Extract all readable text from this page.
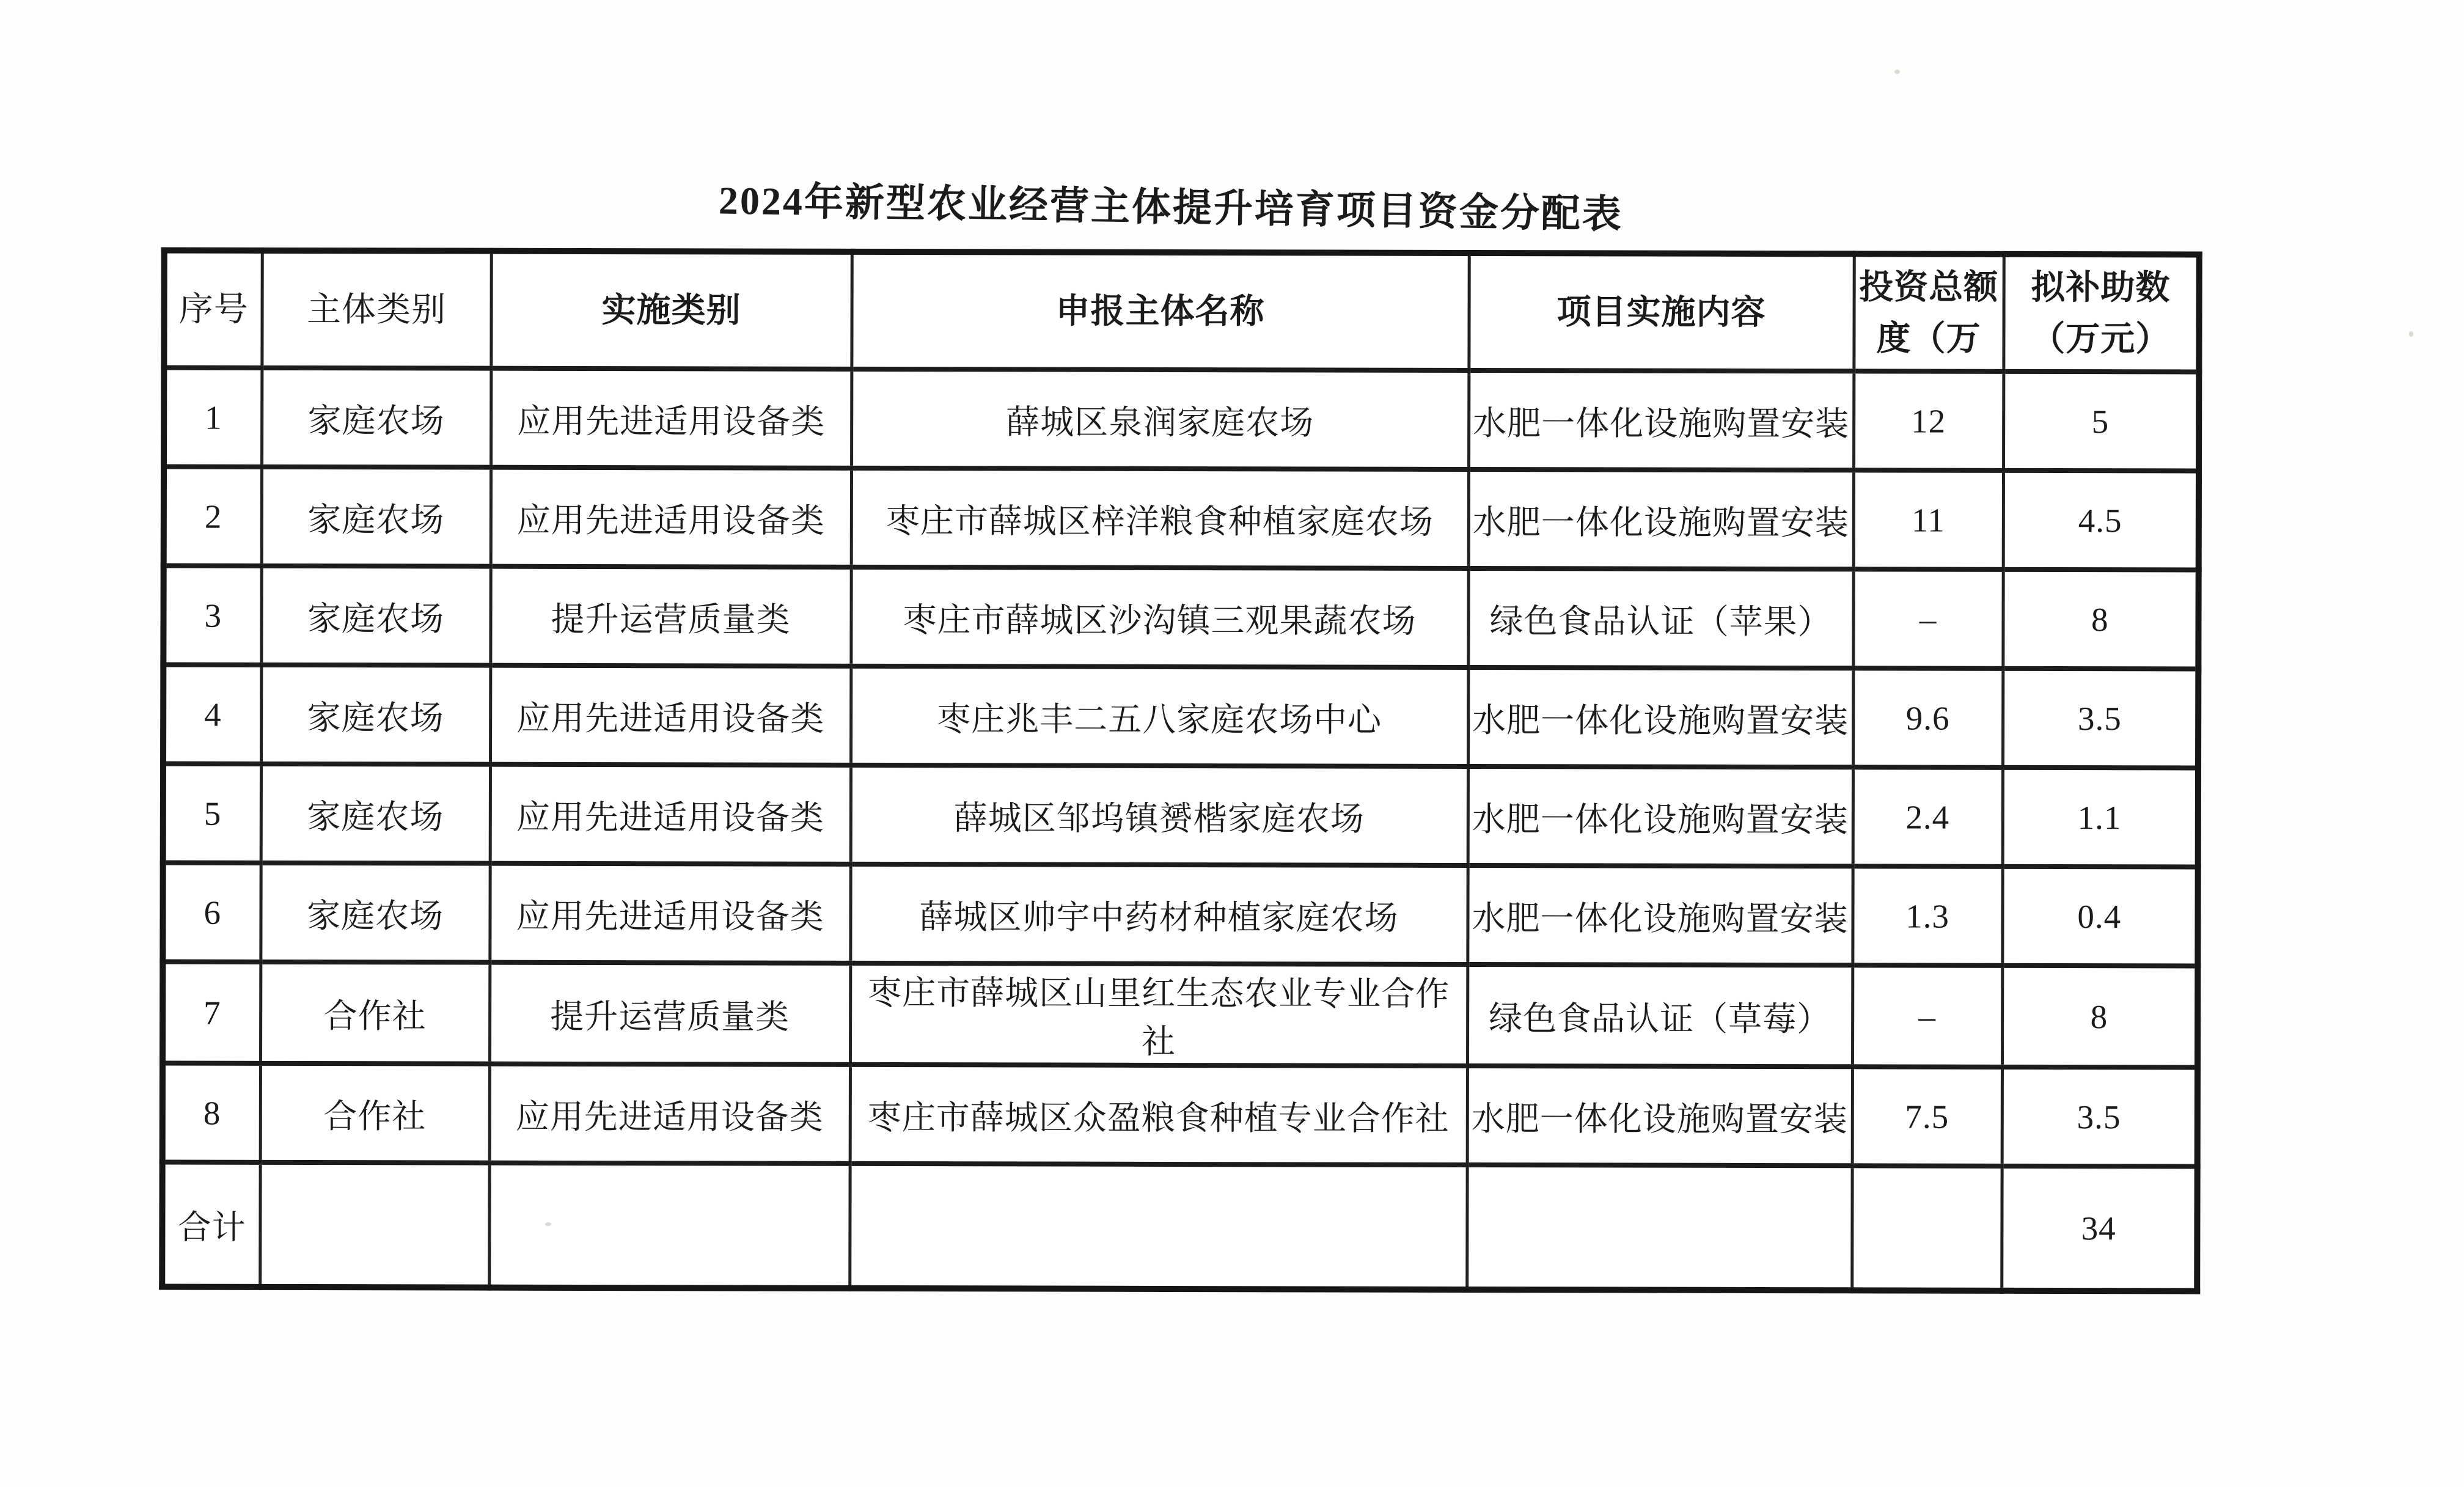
2024年新型农业经营主体提升培育项目资金分配表
序号	主体类别	实施类别	申报主体名称	项目实施内容	投资总额度（万	拟补助数（万元）
1	家庭农场	应用先进适用设备类	薛城区泉润家庭农场	水肥一体化设施购置安装	12	5
2	家庭农场	应用先进适用设备类	枣庄市薛城区梓洋粮食种植家庭农场	水肥一体化设施购置安装	11	4.5
3	家庭农场	提升运营质量类	枣庄市薛城区沙沟镇三观果蔬农场	绿色食品认证（苹果）	–	8
4	家庭农场	应用先进适用设备类	枣庄兆丰二五八家庭农场中心	水肥一体化设施购置安装	9.6	3.5
5	家庭农场	应用先进适用设备类	薛城区邹坞镇赟楷家庭农场	水肥一体化设施购置安装	2.4	1.1
6	家庭农场	应用先进适用设备类	薛城区帅宇中药材种植家庭农场	水肥一体化设施购置安装	1.3	0.4
7	合作社	提升运营质量类	枣庄市薛城区山里红生态农业专业合作社	绿色食品认证（草莓）	–	8
8	合作社	应用先进适用设备类	枣庄市薛城区众盈粮食种植专业合作社	水肥一体化设施购置安装	7.5	3.5
合计						34
